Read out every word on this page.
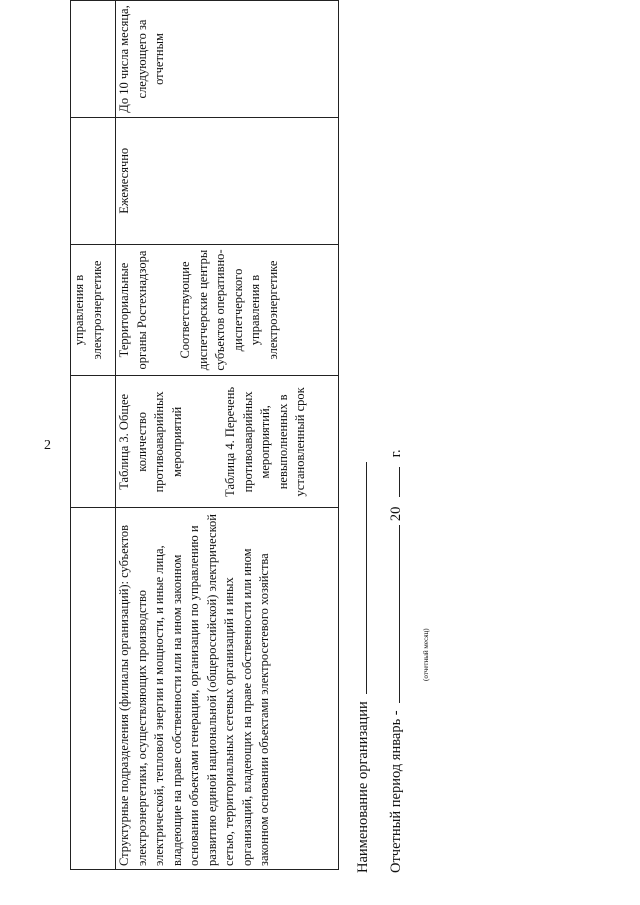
2
		управления в электроэнергетике		
Структурные подразделения (филиалы организаций): субъектов электроэнергетики, осуществляющих производство электрической, тепловой энергии и мощности, и иные лица, владеющие на праве собственности или на ином законном основании объектами генерации, организации по управлению и развитию единой национальной (общероссийской) электрической сетью, территориальных сетевых организаций и иных организаций, владеющих на праве собственности или ином законном основании объектами электросетевого хозяйства	Таблица 3. Общее количество противоаварийных мероприятий Таблица 4. Перечень противоаварийных мероприятий, невыполненных в установленный срок	Территориальные органы Ростехнадзора Соответствующие диспетчерские центры субъектов оперативно-диспетчерского управления в электроэнергетике	Ежемесячно	До 10 числа месяца, следующего за отчетным
Наименование организации Отчетный период январь -  20  г.
(отчетный месяц)
